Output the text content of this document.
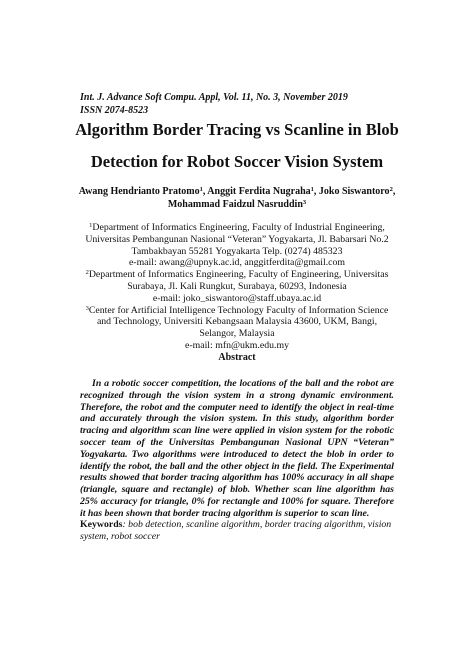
Int. J. Advance Soft Compu. Appl, Vol. 11, No. 3, November 2019
ISSN 2074-8523
Algorithm Border Tracing vs Scanline in Blob
Detection for Robot Soccer Vision System
Awang Hendrianto Pratomo$^1$, Anggit Ferdita Nugraha$^1$, Joko Siswantoro$^2$, Mohammad Faidzul Nasruddin$^3$

$^1$Department of Informatics Engineering, Faculty of Industrial Engineering, Universitas Pembangunan Nasional “Veteran” Yogyakarta, Jl. Babarsari No.2 Tambakbayan 55281 Yogyakarta Telp. (0274) 485323

e-mail: awang@upnyk.ac.id, anggitferdita@gmail.com

$^2$Department of Informatics Engineering, Faculty of Engineering, Universitas Surabaya, Jl. Kali Rungkut, Surabaya, 60293, Indonesia

e-mail: joko_siswantoro@staff.ubaya.ac.id

$^3$Center for Artificial Intelligence Technology Faculty of Information Science and Technology, Universiti Kebangsaan Malaysia 43600, UKM, Bangi, Selangor, Malaysia

e-mail: mfn@ukm.edu.my

Abstract
In a robotic soccer competition, the locations of the ball and the robot are recognized through the vision system in a strong dynamic environment. Therefore, the robot and the computer need to identify the object in real-time and accurately through the vision system. In this study, algorithm border tracing and algorithm scan line were applied in vision system for the robotic soccer team of the Universitas Pembangunan Nasional UPN “Veteran” Yogyakarta. Two algorithms were introduced to detect the blob in order to identify the robot, the ball and the other object in the field. The Experimental results showed that border tracing algorithm has 100% accuracy in all shape (triangle, square and rectangle) of blob. Whether scan line algorithm has 25% accuracy for triangle, 0% for rectangle and 100% for square. Therefore it has been shown that border tracing algorithm is superior to scan line.
Keywords: bob detection, scanline algorithm, border tracing algorithm, vision system, robot soccer
